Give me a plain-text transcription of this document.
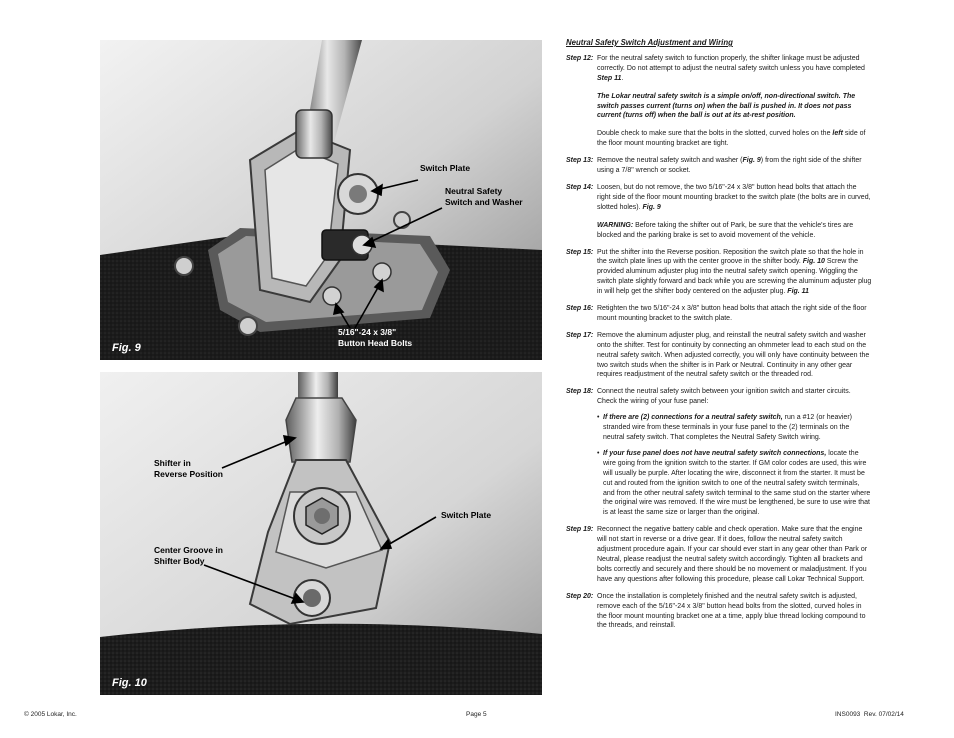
Switch Plate
Neutral Safety
Switch and Washer
5/16"-24 x 3/8"
Button Head Bolts
Fig. 9
Shifter in
Reverse Position
Switch Plate
Center Groove in
Shifter Body
Fig. 10
Neutral Safety Switch Adjustment and Wiring
Step 12: For the neutral safety switch to function properly, the shifter linkage must be adjusted correctly. Do not attempt to adjust the neutral safety switch unless you have completed Step 11.
The Lokar neutral safety switch is a simple on/off, non-directional switch. The switch passes current (turns on) when the ball is pushed in. It does not pass current (turns off) when the ball is out at its at-rest position.
Double check to make sure that the bolts in the slotted, curved holes on the left side of the floor mount mounting bracket are tight.
Step 13: Remove the neutral safety switch and washer (Fig. 9) from the right side of the shifter using a 7/8" wrench or socket.
Step 14: Loosen, but do not remove, the two 5/16"-24 x 3/8" button head bolts that attach the right side of the floor mount mounting bracket to the switch plate (the bolts are in curved, slotted holes). Fig. 9
WARNING: Before taking the shifter out of Park, be sure that the vehicle's tires are blocked and the parking brake is set to avoid movement of the vehicle.
Step 15: Put the shifter into the Reverse position. Reposition the switch plate so that the hole in the switch plate lines up with the center groove in the shifter body. Fig. 10 Screw the provided aluminum adjuster plug into the neutral safety switch opening. Wiggling the switch plate slightly forward and back while you are screwing the aluminum adjuster plug in will help get the shifter body centered on the adjuster plug. Fig. 11
Step 16: Retighten the two 5/16"-24 x 3/8" button head bolts that attach the right side of the floor mount mounting bracket to the switch plate.
Step 17: Remove the aluminum adjuster plug, and reinstall the neutral safety switch and washer onto the shifter. Test for continuity by connecting an ohmmeter lead to each stud on the neutral safety switch. When adjusted correctly, you will only have continuity between the two switch studs when the shifter is in Park or Neutral. Continuity in any other gear requires readjustment of the neutral safety switch or the threaded rod.
Step 18: Connect the neutral safety switch between your ignition switch and starter circuits. Check the wiring of your fuse panel:
• If there are (2) connections for a neutral safety switch, run a #12 (or heavier) stranded wire from these terminals in your fuse panel to the (2) terminals on the neutral safety switch. That completes the Neutral Safety Switch wiring.
• If your fuse panel does not have neutral safety switch connections, locate the wire going from the ignition switch to the starter. If GM color codes are used, this wire will usually be purple. After locating the wire, disconnect it from the starter. It must be cut and routed from the ignition switch to one of the neutral safety switch terminals, and from the other neutral safety switch terminal to the same stud on the starter where the original wire was removed. If the wire must be lengthened, be sure to use wire that is at least the same size or larger than the original.
Step 19: Reconnect the negative battery cable and check operation. Make sure that the engine will not start in reverse or a drive gear. If it does, follow the neutral safety switch adjustment procedure again. If your car should ever start in any gear other than Park or Neutral, please readjust the neutral safety switch accordingly. Tighten all brackets and bolts correctly and securely and there should be no movement or maladjustment. If you have any questions after following this procedure, please call Lokar Technical Support.
Step 20: Once the installation is completely finished and the neutral safety switch is adjusted, remove each of the 5/16"-24 x 3/8" button head bolts from the slotted, curved holes in the floor mount mounting bracket one at a time, apply blue thread locking compound to the threads, and reinstall.
© 2005 Lokar, Inc.	Page 5	INS0093  Rev. 07/02/14
